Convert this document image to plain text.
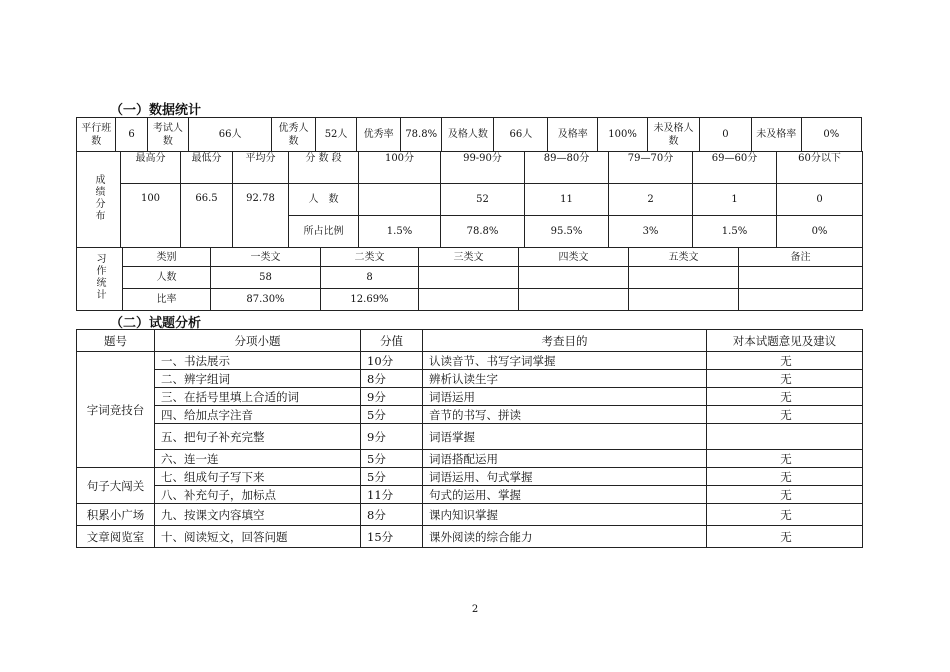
（一）数据统计
平行班数	6	考试人数	66人	优秀人数	52人	优秀率	78.8%	及格人数	66人	及格率	100%	未及格人数	0	未及格率	0%
成绩分布	最高分	最低分	平均分	分 数 段	100分	99-90分	89—80分	79—70分	69—60分	60分以下
	100	66.5	92.78	人　数		52	11	2	1	0
				所占比例	1.5%	78.8%	95.5%	3%	1.5%	0%
习作统计	类别	一类文	二类文	三类文	四类文	五类文	备注
	人数	58	8				
	比率	87.30%	12.69%				
（二）试题分析
题号	分项小题	分值	考查目的	对本试题意见及建议
字词竞技台	一、书法展示	10分	认读音节、书写字词掌握	无
	二、辨字组词	8分	辨析认读生字	无
	三、在括号里填上合适的词	9分	词语运用	无
	四、给加点字注音	5分	音节的书写、拼读	无
	五、把句子补充完整	9分	词语掌握	
	六、连一连	5分	词语搭配运用	无
句子大闯关	七、组成句子写下来	5分	词语运用、句式掌握	无
	八、补充句子，加标点	11分	句式的运用、掌握	无
积累小广场	九、按课文内容填空	8分	课内知识掌握	无
文章阅览室	十、阅读短文，回答问题	15分	课外阅读的综合能力	无
2
